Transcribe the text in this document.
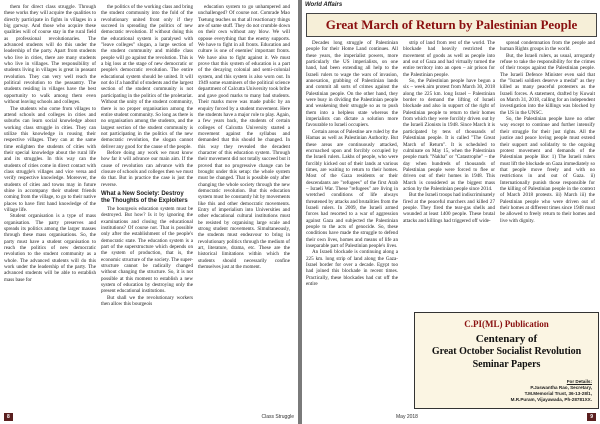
them for direct class struggle. Through these works they will acquire the qualities to directly participate in fights in villages in a big garway. And those who acquire these qualities will of course stay in the rural field as professional revolutionaries. The advanced students will do this under the leadership of the party. Apart from students who live in cities, there are many students who live in villages. The responsibility of students living in villages is great in peasant revolution. They can very well reach the political revolution to the peasantry. The students residing in villages have the best opportunity to walk among them even without leaving schools and colleges.

The students who come from villages to attend schools and colleges in cities and suburbs can learn social knowledge about working class struggle in cities. They can utilize this knowledge in rousing their respective villages. They can at the same time enlighten the students of cities with their special knowledge about the rural life and its struggles. In this way can the students of cities come in direct contact with class struggle's villages and vice versa and verify respective knowledge. Moreover, the students of cities and towns may in future shine in accompany their student friends coming from the village, to go to their native places to have first hand knowledge of the village life.

Student organisation is a type of mass organisation. The party preserves and spreads its politics among the larger masses through these mass organisations. So, the party must have a student organisation to reach the politics of new democratic revolution to the student community as a whole. The advanced students will do this work under the leadership of the party. The advanced students will be able to establish mass base for

the politics of the working class and bring the student community into the fold of the revolutionary united front only if they succeed in spreading the politics of new democratic revolution. If without doing this the educational system is paralysed with "leave colleges" slogan, a large section of the student community and middle class people will go against the revolution. This is a big loss at the stage of new democratic or people's democratic revolution. The entire educational system should be united. It will not do if a handful of students and the largest section of the student community is not participating in the politics of the proletariat. Without the unity of the student community, there is no proper organisation among the entire student community. So long as there is no organisation among the students, and the largest section of the student community is not participating in the politics of the new democratic revolution, the slogan cannot deliver any good for the cause of the people.

Before doing any work we must know how far it will advance our main aim. If the cause of revolution can advance with the closure of schools and colleges then we must do that. But in practice the case is just the reverse.

What a New Society: Destroy the Thoughts of the Exploiters

The bourgeois education system must be destroyed. But how? Is it by ignoring the examinations and closing the educational institutions? Of course not. That is possible only after the establishment of the people's democratic state. The education system is a part of the superstructure which depends on the system of production, that is, the economic structure of the society. The super-structure cannot be radically changed without changing the structure. So, it is not possible at this moment to establish a new system of education by destroying only the present educational institutions.

But shall we the revolutionary workers then allow this bourgeois

education system to go unhampered and unchallenged? Of course not. Comrade Mao Tsetung teaches us that all reactionary things are of same stuff. They do not crumble down on their own without any blow. We will oppose everything that the enemy supports. We have to fight in all fronts. Education and culture is one of enemies' important fronts. We have also to fight against it. We must prove that this system of education is a part of the decaying colonial and semi-colonial system, and this system is also worn out. In 1949 some examiners of the political science department of Calcutta University took bribe and gave good marks to many bad students. Their marks move was made public by an enquiry forced by a student movement. Here the students have a major role to play. Again, a few years back, the students of certain colleges of Calcutta University started a movement against the syllabus and demanded that this should be changed. In this way they revealed the decadent character of this education system. Through their movement did not totally succeed but it proved that no progressive change can be brought under this setup: the whole system must be changed. That is possible only after changing the whole society through the new democratic revolution. But this education system must be constantly hit by movements like this and other democratic movements. Entry of imperialism into Universities and other educational cultural institutions must be resisted by organising large scale and strong student movements. Simultaneously, the students must endeavour to bring in revolutionary politics through the medium of art, literature, drama, etc. These are the historical limitations within which the students should necessarily confine themselves just at the moment.

8	Class Struggle
World Affairs
Great March of Return by Palestinian People

Decades long struggle of Palestinian people for their Home Land continues. All these years, the imperialist powers, more particularly the US imperialists, on one hand, had been extending all help to the Israeli rulers to wage the wars of invasion, annexation, grabbing of Palestinian lands and commit all sorts of crimes against the Palestinian people. On the other hand, they were busy in dividing the Palestinian people and weakening their struggle so as to push them into a helpless state whereas the imperialists can dictate a solution more favourable to Israeli occupiers.

Certain areas of Palestine are ruled by the Hamas as well as Palestinian Authority. But these areas are continuously attacked, encroached upon and forcibly occupied by the Israeli rulers. Lakhs of people, who were forcibly kicked out of their lands at various times, are waiting to return to their homes. Most of the Gaza residents or their descendants are "refugees" of the first Arab – Israeli War. These "refugees" are living in wretched conditions of life always threatened by attacks and brutalities from the Israeli rulers. In 2009, the Israeli armed forces had resorted to a war of aggression against Gaza and subjected the Palestinian people to the acts of genocide. So, these conditions have made the struggle to defend their own lives, homes and means of life an inseparable part of Palestinian people's lives.

An Israeli blockade is continuing along a 225 km. long strip of land along the Gaza-Israel border for over a decade. Egypt too had joined this blockade in recent times. Practically, these blockades had cut off the entire

strip of land from rest of the world. The blockade had heavily restricted the movement of goods as well as people into and out of Gaza and had virtually turned the entire territory into an open – air prison for the Palestinian people.

So, the Palestinian people have begun a six – week aim protest from March 30, 2018 along the 225 km. long Israel – Palestinian border to demand the lifting of Israeli blockade and also in support of the right of Palestinian people to return to their homes from which they were forcibly driven out by the Israeli Zionists in 1948. Since March it is participated by tens of thousands of Palestinian people. It is called "The Great March of Return". It is scheduled to culminate on May 15, when the Palestinian people mark "Nakba" or "Catastrophe" – the day when hundreds of thousands of Palestinian people were forced to flee or driven out of their homes in 1948. This March is considered as the biggest mass action by the Palestinian people since 2014.

But the Israeli troops had indiscriminately fired at the peaceful marchers and killed 27 people. They fired the tear-gas shells and wounded at least 1400 people. These brutal attacks and killings had triggered off wide-

spread condemnation from the people and human Rights groups in the world.

But, the Israeli rulers, as usual, arrogantly refuse to take the responsibility for the crimes of their troops against the Palestinian people. The Israeli Defence Minister even said that the "Israeli soldiers deserve a medal" as they killed as many peaceful protesters as the Israeli forces. A statement, drafted by Kuwait on March 31, 2018, calling for an independent investigation into the killings was blocked by the US in the UNSC.

So, the Palestinian people have no other way except to continue and further intensify their struggle for their just rights. All the justice and peace loving people must extend their support and solidarity to the ongoing protest movement and demands of the Palestinian people like: 1) The Israeli rulers must lift the blockade on Gaza immediately so that people move freely and with no restrictions in and out of Gaza. ii) Internationally punish those responsible for the killing of Palestinian people in the context of March 2018 protests. iii) March iii) the Palestinian people who were driven out of their homes at different times since 1948 must be allowed to freely return to their homes and live with dignity.

C.PI(ML) Publication
Centenary of
Great October Socialist Revolution
Seminar Papers
For Details:
P.Jaswantha Rao, Secretary,
T.M.Memorial Trust, 36-13-28/1,
M.R.Puram, Vijayawada, Ph-28781XX.
May 2018	9
